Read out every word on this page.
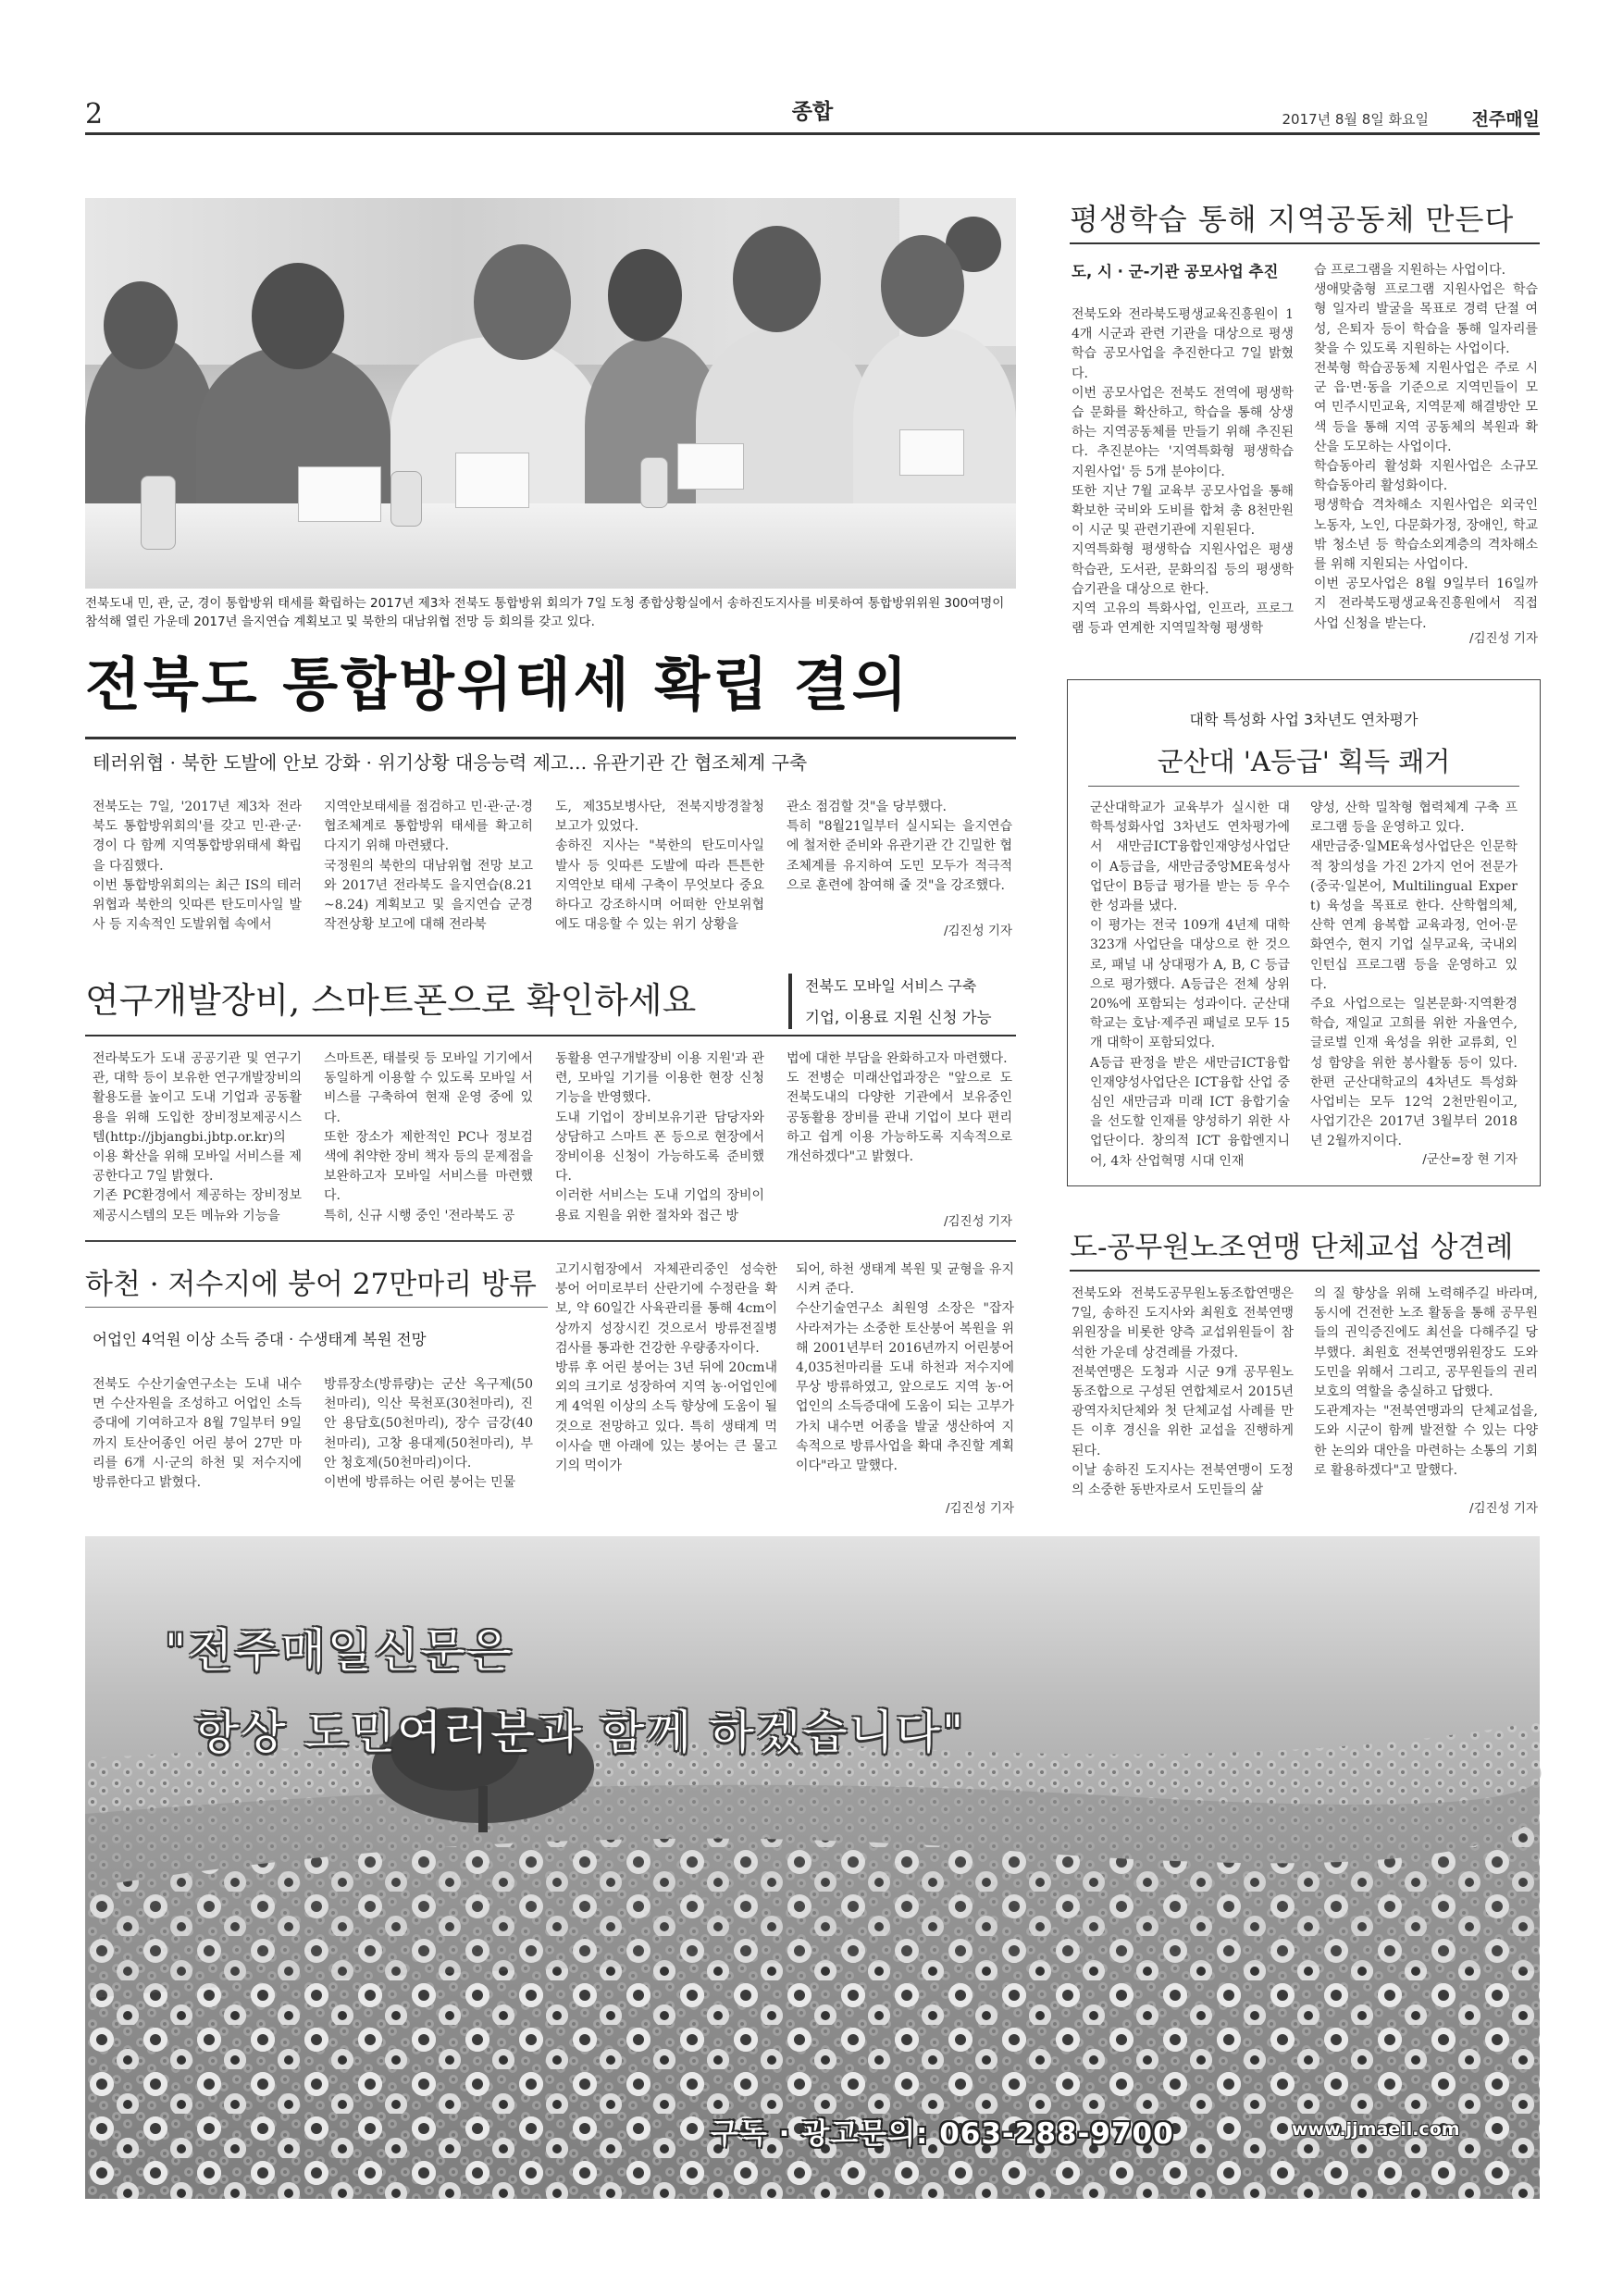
2	종합	2017년 8월 8일 화요일 전주매일
전북도내 민, 관, 군, 경이 통합방위 태세를 확립하는 2017년 제3차 전북도 통합방위 회의가 7일 도청 종합상황실에서 송하진도지사를 비롯하여 통합방위위원 300여명이 참석해 열린 가운데 2017년 을지연습 계획보고 및 북한의 대남위협 전망 등 회의를 갖고 있다.
전북도 통합방위태세 확립 결의
테러위협 · 북한 도발에 안보 강화 · 위기상황 대응능력 제고… 유관기관 간 협조체계 구축
전북도는 7일, '2017년 제3차 전라북도 통합방위회의'를 갖고 민·관·군·경이 다 함께 지역통합방위태세 확립을 다짐했다.
이번 통합방위회의는 최근 IS의 테러위협과 북한의 잇따른 탄도미사일 발사 등 지속적인 도발위협 속에서
지역안보태세를 점검하고 민·관·군·경 협조체계로 통합방위 태세를 확고히 다지기 위해 마련됐다.
국정원의 북한의 대남위협 전망 보고와 2017년 전라북도 을지연습(8.21~8.24) 계획보고 및 을지연습 군경 작전상황 보고에 대해 전라북
도, 제35보병사단, 전북지방경찰청 보고가 있었다.
송하진 지사는 "북한의 탄도미사일 발사 등 잇따른 도발에 따라 튼튼한 지역안보 태세 구축이 무엇보다 중요하다고 강조하시며 어떠한 안보위협에도 대응할 수 있는 위기 상황을
관소 점검할 것"을 당부했다.
특히 "8월21일부터 실시되는 을지연습에 철저한 준비와 유관기관 간 긴밀한 협조체계를 유지하여 도민 모두가 적극적으로 훈련에 참여해 줄 것"을 강조했다.
/김진성 기자
평생학습 통해 지역공동체 만든다
도, 시 · 군-기관 공모사업 추진
전북도와 전라북도평생교육진흥원이 14개 시군과 관련 기관을 대상으로 평생학습 공모사업을 추진한다고 7일 밝혔다.
이번 공모사업은 전북도 전역에 평생학습 문화를 확산하고, 학습을 통해 상생하는 지역공동체를 만들기 위해 추진된다. 추진분야는 '지역특화형 평생학습 지원사업' 등 5개 분야이다.
또한 지난 7월 교육부 공모사업을 통해 확보한 국비와 도비를 합쳐 총 8천만원이 시군 및 관련기관에 지원된다.
지역특화형 평생학습 지원사업은 평생학습관, 도서관, 문화의집 등의 평생학습기관을 대상으로 한다.
지역 고유의 특화사업, 인프라, 프로그램 등과 연계한 지역밀착형 평생학
습 프로그램을 지원하는 사업이다.
생애맞춤형 프로그램 지원사업은 학습형 일자리 발굴을 목표로 경력 단절 여성, 은퇴자 등이 학습을 통해 일자리를 찾을 수 있도록 지원하는 사업이다.
전북형 학습공동체 지원사업은 주로 시군 읍·면·동을 기준으로 지역민들이 모여 민주시민교육, 지역문제 해결방안 모색 등을 통해 지역 공동체의 복원과 확산을 도모하는 사업이다.
학습동아리 활성화 지원사업은 소규모 학습동아리 활성화이다.
평생학습 격차해소 지원사업은 외국인 노동자, 노인, 다문화가정, 장애인, 학교 밖 청소년 등 학습소외계층의 격차해소를 위해 지원되는 사업이다.
이번 공모사업은 8월 9일부터 16일까지 전라북도평생교육진흥원에서 직접 사업 신청을 받는다.
/김진성 기자
대학 특성화 사업 3차년도 연차평가
군산대 'A등급' 획득 쾌거
군산대학교가 교육부가 실시한 대학특성화사업 3차년도 연차평가에서 새만금ICT융합인재양성사업단이 A등급을, 새만금중앙ME육성사업단이 B등급 평가를 받는 등 우수한 성과를 냈다.
이 평가는 전국 109개 4년제 대학 323개 사업단을 대상으로 한 것으로, 패널 내 상대평가 A, B, C 등급으로 평가했다. A등급은 전체 상위 20%에 포함되는 성과이다. 군산대학교는 호남·제주권 패널로 모두 15개 대학이 포함되었다.
A등급 판정을 받은 새만금ICT융합인재양성사업단은 ICT융합 산업 중심인 새만금과 미래 ICT 융합기술을 선도할 인재를 양성하기 위한 사업단이다. 창의적 ICT 융합엔지니어, 4차 산업혁명 시대 인재
양성, 산학 밀착형 협력체계 구축 프로그램 등을 운영하고 있다.
새만금중·일ME육성사업단은 인문학적 창의성을 가진 2가지 언어 전문가(중국·일본어, Multilingual Expert) 육성을 목표로 한다. 산학협의체, 산학 연계 융복합 교육과정, 언어·문화연수, 현지 기업 실무교육, 국내외 인턴십 프로그램 등을 운영하고 있다.
주요 사업으로는 일본문화·지역환경 학습, 재일교 고희를 위한 자율연수, 글로벌 인재 육성을 위한 교류회, 인성 함양을 위한 봉사활동 등이 있다. 한편 군산대학교의 4차년도 특성화사업비는 모두 12억 2천만원이고, 사업기간은 2017년 3월부터 2018년 2월까지이다.
/군산=장 현 기자
연구개발장비, 스마트폰으로 확인하세요	전북도 모바일 서비스 구축
기업, 이용료 지원 신청 가능
전라북도가 도내 공공기관 및 연구기관, 대학 등이 보유한 연구개발장비의 활용도를 높이고 도내 기업과 공동활용을 위해 도입한 장비정보제공시스템(http://jbjangbi.jbtp.or.kr)의 이용 확산을 위해 모바일 서비스를 제공한다고 7일 밝혔다.
기존 PC환경에서 제공하는 장비정보제공시스템의 모든 메뉴와 기능을
스마트폰, 태블릿 등 모바일 기기에서 동일하게 이용할 수 있도록 모바일 서비스를 구축하여 현재 운영 중에 있다.
또한 장소가 제한적인 PC나 정보검색에 취약한 장비 책자 등의 문제점을 보완하고자 모바일 서비스를 마련했다.
특히, 신규 시행 중인 '전라북도 공
동활용 연구개발장비 이용 지원'과 관련, 모바일 기기를 이용한 현장 신청 기능을 반영했다.
도내 기업이 장비보유기관 담당자와 상담하고 스마트 폰 등으로 현장에서 장비이용 신청이 가능하도록 준비했다.
이러한 서비스는 도내 기업의 장비이용료 지원을 위한 절차와 접근 방
법에 대한 부담을 완화하고자 마련했다.
도 전병순 미래산업과장은 "앞으로 도 전북도내의 다양한 기관에서 보유중인 공동활용 장비를 관내 기업이 보다 편리하고 쉽게 이용 가능하도록 지속적으로 개선하겠다"고 밝혔다.
/김진성 기자
하천 · 저수지에 붕어 27만마리 방류
어업인 4억원 이상 소득 증대 · 수생태계 복원 전망
전북도 수산기술연구소는 도내 내수면 수산자원을 조성하고 어업인 소득증대에 기여하고자 8월 7일부터 9일까지 토산어종인 어린 붕어 27만 마리를 6개 시·군의 하천 및 저수지에 방류한다고 밝혔다.
방류장소(방류량)는 군산 옥구제(50천마리), 익산 묵천포(30천마리), 진안 용담호(50천마리), 장수 금강(40천마리), 고창 용대제(50천마리), 부안 청호제(50천마리)이다.
이번에 방류하는 어린 붕어는 민물
고기시험장에서 자체관리중인 성숙한 붕어 어미로부터 산란기에 수정란을 확보, 약 60일간 사육관리를 통해 4cm이상까지 성장시킨 것으로서 방류전질병검사를 통과한 건강한 우량종자이다.
방류 후 어린 붕어는 3년 뒤에 20cm내외의 크기로 성장하여 지역 농·어업인에게 4억원 이상의 소득 향상에 도움이 될 것으로 전망하고 있다. 특히 생태계 먹이사슬 맨 아래에 있는 붕어는 큰 물고기의 먹이가
되어, 하천 생태계 복원 및 균형을 유지시켜 준다.
수산기술연구소 최원영 소장은 "잡자 사라져가는 소중한 토산붕어 복원을 위해 2001년부터 2016년까지 어린붕어 4,035천마리를 도내 하천과 저수지에 무상 방류하였고, 앞으로도 지역 농·어업인의 소득증대에 도움이 되는 고부가가치 내수면 어종을 발굴 생산하여 지속적으로 방류사업을 확대 추진할 계획이다"라고 말했다.
/김진성 기자
도-공무원노조연맹 단체교섭 상견례
전북도와 전북도공무원노동조합연맹은 7일, 송하진 도지사와 최원호 전북연맹 위원장을 비롯한 양측 교섭위원들이 참석한 가운데 상견례를 가졌다.
전북연맹은 도청과 시군 9개 공무원노동조합으로 구성된 연합체로서 2015년 광역자치단체와 첫 단체교섭 사례를 만든 이후 경신을 위한 교섭을 진행하게 된다.
이날 송하진 도지사는 전북연맹이 도정의 소중한 동반자로서 도민들의 삶
의 질 향상을 위해 노력해주길 바라며, 동시에 건전한 노조 활동을 통해 공무원들의 권익증진에도 최선을 다해주길 당부했다. 최원호 전북연맹위원장도 도와 도민을 위해서 그리고, 공무원들의 권리보호의 역할을 충실하고 답했다.
도관계자는 "전북연맹과의 단체교섭을, 도와 시군이 함께 발전할 수 있는 다양한 논의와 대안을 마련하는 소통의 기회로 활용하겠다"고 말했다.
/김진성 기자
"전주매일신문은
항상 도민여러분과 함께 하겠습니다"
구독 · 광고문의: 063-288-9700	www.jjmaeil.com
